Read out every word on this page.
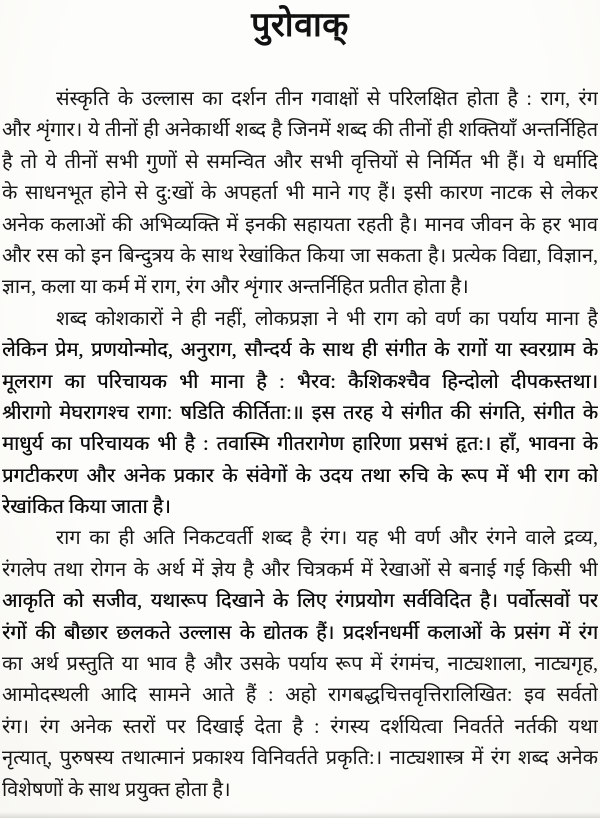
पुरोवाक्
संस्कृति के उल्लास का दर्शन तीन गवाक्षों से परिलक्षित होता है : राग, रंग
और शृंगार। ये तीनों ही अनेकार्थी शब्द है जिनमें शब्द की तीनों ही शक्तियाँ अन्तर्निहित
है तो ये तीनों सभी गुणों से समन्वित और सभी वृत्तियों से निर्मित भी हैं। ये धर्मादि
के साधनभूत होने से दु:खों के अपहर्ता भी माने गए हैं। इसी कारण नाटक से लेकर
अनेक कलाओं की अभिव्यक्ति में इनकी सहायता रहती है। मानव जीवन के हर भाव
और रस को इन बिन्दुत्रय के साथ रेखांकित किया जा सकता है। प्रत्येक विद्या, विज्ञान,
ज्ञान, कला या कर्म में राग, रंग और शृंगार अन्तर्निहित प्रतीत होता है।
शब्द कोशकारों ने ही नहीं, लोकप्रज्ञा ने भी राग को वर्ण का पर्याय माना है
लेकिन प्रेम, प्रणयोन्मोद, अनुराग, सौन्दर्य के साथ ही संगीत के रागों या स्वरग्राम के
मूलराग का परिचायक भी माना है : भैरव: कैशिकश्चैव हिन्दोलो दीपकस्तथा।
श्रीरागो मेघरागश्च रागा: षडिति कीर्तिता:॥ इस तरह ये संगीत की संगति, संगीत के
माधुर्य का परिचायक भी है : तवास्मि गीतरागेण हारिणा प्रसभं हृत:। हाँ, भावना के
प्रगटीकरण और अनेक प्रकार के संवेगों के उदय तथा रुचि के रूप में भी राग को
रेखांकित किया जाता है।
राग का ही अति निकटवर्ती शब्द है रंग। यह भी वर्ण और रंगने वाले द्रव्य,
रंगलेप तथा रोगन के अर्थ में ज्ञेय है और चित्रकर्म में रेखाओं से बनाई गई किसी भी
आकृति को सजीव, यथारूप दिखाने के लिए रंगप्रयोग सर्वविदित है। पर्वोत्सवों पर
रंगों की बौछार छलकते उल्लास के द्योतक हैं। प्रदर्शनधर्मी कलाओं के प्रसंग में रंग
का अर्थ प्रस्तुति या भाव है और उसके पर्याय रूप में रंगमंच, नाट्यशाला, नाट्यगृह,
आमोदस्थली आदि सामने आते हैं : अहो रागबद्धचित्तवृत्तिरालिखित: इव सर्वतो
रंग। रंग अनेक स्तरों पर दिखाई देता है : रंगस्य दर्शयित्वा निवर्तते नर्तकी यथा
नृत्यात्, पुरुषस्य तथात्मानं प्रकाश्य विनिवर्तते प्रकृति:। नाट्यशास्त्र में रंग शब्द अनेक
विशेषणों के साथ प्रयुक्त होता है।
